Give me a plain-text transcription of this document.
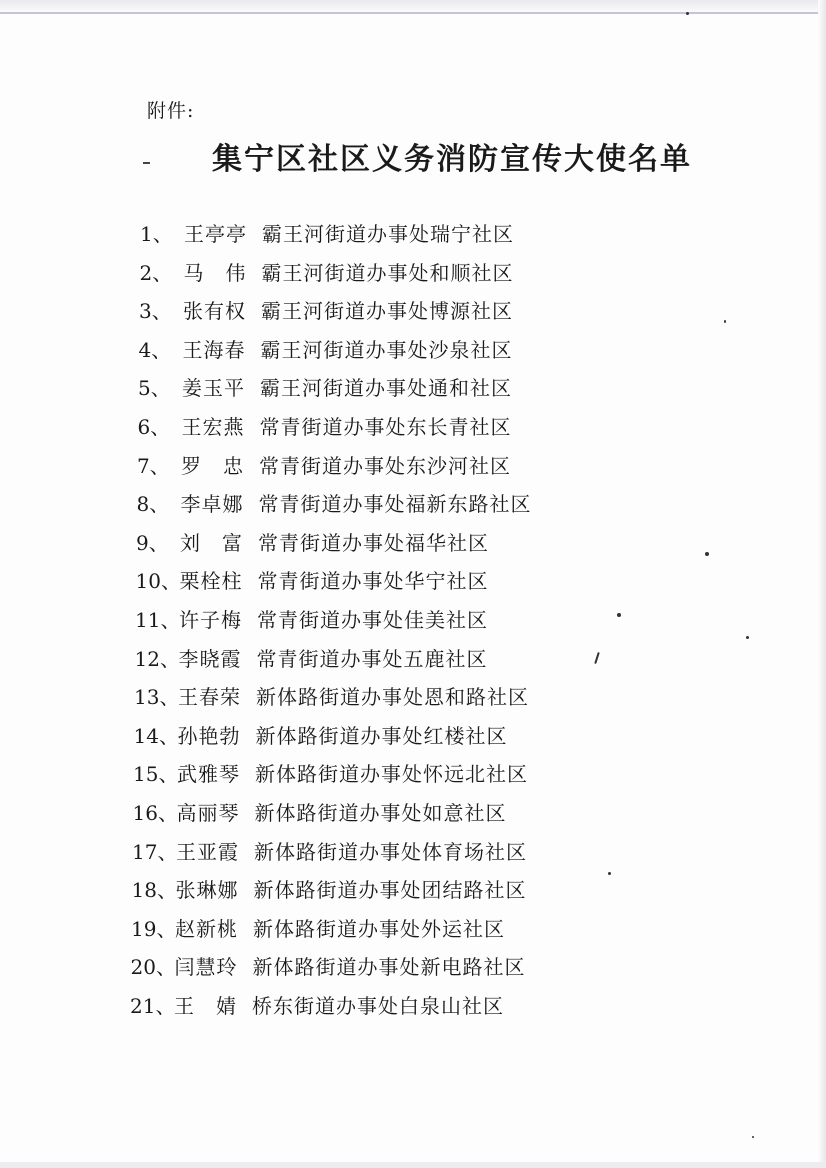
附件:
集宁区社区义务消防宣传大使名单
1、 王亭亭 霸王河街道办事处瑞宁社区
2、 马　伟 霸王河街道办事处和顺社区
3、 张有权 霸王河街道办事处博源社区
4、 王海春 霸王河街道办事处沙泉社区
5、 姜玉平 霸王河街道办事处通和社区
6、 王宏燕 常青街道办事处东长青社区
7、 罗　忠 常青街道办事处东沙河社区
8、 李卓娜 常青街道办事处福新东路社区
9、 刘　富 常青街道办事处福华社区
10、栗栓柱 常青街道办事处华宁社区
11、许子梅 常青街道办事处佳美社区
12、李晓霞 常青街道办事处五鹿社区
13、王春荣 新体路街道办事处恩和路社区
14、孙艳勃 新体路街道办事处红楼社区
15、武雅琴 新体路街道办事处怀远北社区
16、高丽琴 新体路街道办事处如意社区
17、王亚霞 新体路街道办事处体育场社区
18、张琳娜 新体路街道办事处团结路社区
19、赵新桃 新体路街道办事处外运社区
20、闫慧玲 新体路街道办事处新电路社区
21、王　婧 桥东街道办事处白泉山社区
